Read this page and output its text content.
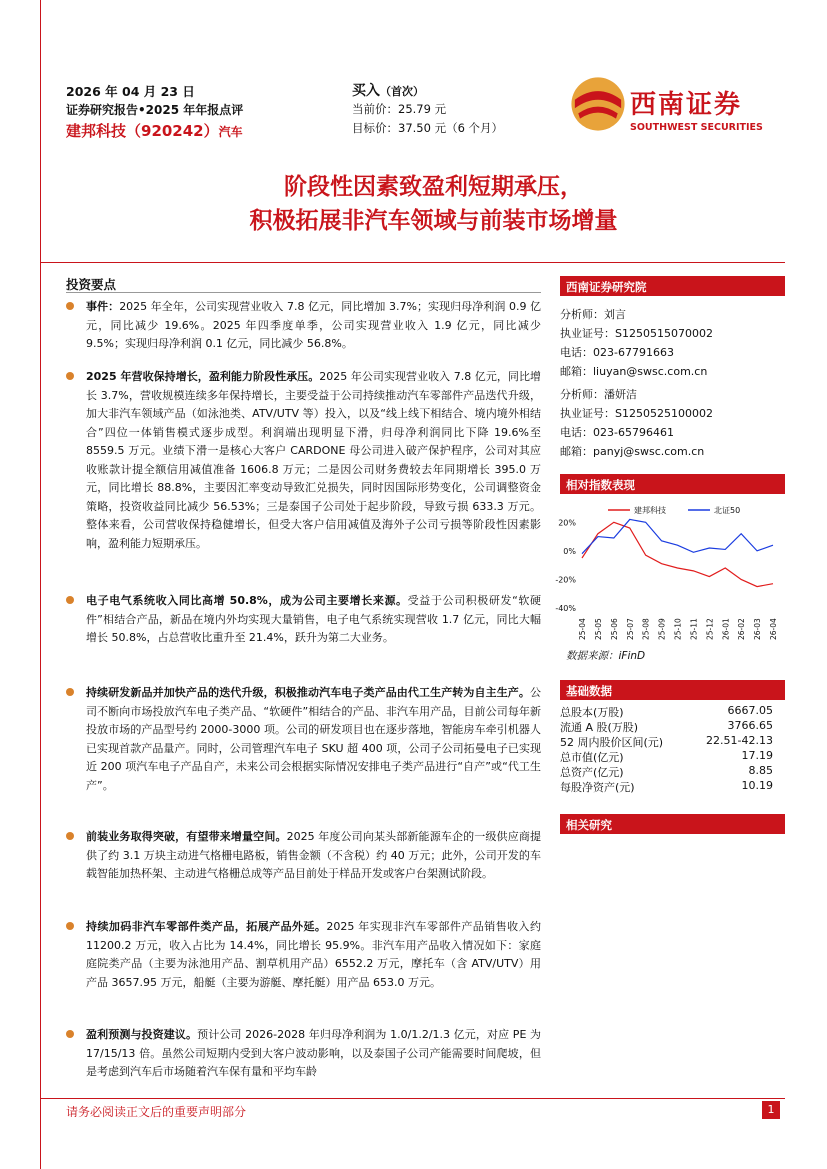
2026 年 04 月 23 日
证券研究报告•2025 年年报点评
建邦科技（920242）汽车
买入（首次）
当前价：25.79 元
目标价：37.50 元（6 个月）
西南证券
SOUTHWEST SECURITIES
阶段性因素致盈利短期承压，
积极拓展非汽车领域与前装市场增量
投资要点
事件：2025 年全年，公司实现营业收入 7.8 亿元，同比增加 3.7%；实现归母净利润 0.9 亿元，同比减少 19.6%。2025 年四季度单季，公司实现营业收入 1.9 亿元，同比减少 9.5%；实现归母净利润 0.1 亿元，同比减少 56.8%。
2025 年营收保持增长，盈利能力阶段性承压。2025 年公司实现营业收入 7.8 亿元，同比增长 3.7%，营收规模连续多年保持增长，主要受益于公司持续推动汽车零部件产品迭代升级，加大非汽车领域产品（如泳池类、ATV/UTV 等）投入，以及“线上线下相结合、境内境外相结合”四位一体销售模式逐步成型。利润端出现明显下滑，归母净利润同比下降 19.6%至 8559.5 万元。业绩下滑一是核心大客户 CARDONE 母公司进入破产保护程序，公司对其应收账款计提全额信用减值准备 1606.8 万元；二是因公司财务费较去年同期增长 395.0 万元，同比增长 88.8%，主要因汇率变动导致汇兑损失，同时因国际形势变化，公司调整资金策略，投资收益同比减少 56.53%；三是泰国子公司处于起步阶段，导致亏损 633.3 万元。整体来看，公司营收保持稳健增长，但受大客户信用减值及海外子公司亏损等阶段性因素影响，盈利能力短期承压。
电子电气系统收入同比高增 50.8%，成为公司主要增长来源。受益于公司积极研发“软硬件”相结合产品，新品在境内外均实现大量销售，电子电气系统实现营收 1.7 亿元，同比大幅增长 50.8%，占总营收比重升至 21.4%，跃升为第二大业务。
持续研发新品并加快产品的迭代升级，积极推动汽车电子类产品由代工生产转为自主生产。公司不断向市场投放汽车电子类产品、“软硬件”相结合的产品、非汽车用产品，目前公司每年新投放市场的产品型号约 2000-3000 项。公司的研发项目也在逐步落地，智能房车牵引机器人已实现首款产品量产。同时，公司管理汽车电子 SKU 超 400 项，公司子公司拓曼电子已实现近 200 项汽车电子产品自产，未来公司会根据实际情况安排电子类产品进行“自产”或“代工生产”。
前装业务取得突破，有望带来增量空间。2025 年度公司向某头部新能源车企的一级供应商提供了约 3.1 万块主动进气格栅电路板，销售金额（不含税）约 40 万元；此外，公司开发的车载智能加热杯架、主动进气格栅总成等产品目前处于样品开发或客户台架测试阶段。
持续加码非汽车零部件类产品，拓展产品外延。2025 年实现非汽车零部件产品销售收入约 11200.2 万元，收入占比为 14.4%，同比增长 95.9%。非汽车用产品收入情况如下：家庭庭院类产品（主要为泳池用产品、割草机用产品）6552.2 万元，摩托车（含 ATV/UTV）用产品 3657.95 万元，船艇（主要为游艇、摩托艇）用产品 653.0 万元。
盈利预测与投资建议。预计公司 2026-2028 年归母净利润为 1.0/1.2/1.3 亿元，对应 PE 为 17/15/13 倍。虽然公司短期内受到大客户波动影响，以及泰国子公司产能需要时间爬坡，但是考虑到汽车后市场随着汽车保有量和平均车龄
西南证券研究院
分析师：刘言
执业证号：S1250515070002
电话：023-67791663
邮箱：liuyan@swsc.com.cn
分析师：潘妍洁
执业证号：S1250525100002
电话：023-65796461
邮箱：panyj@swsc.com.cn
相对指数表现
20%
0%
-20%
-40%
25-04 25-05 25-06 25-07 25-08 25-09 25-10 25-11 25-12 26-01 26-02 26-03 26-04
建邦科技	北证50
数据来源：iFinD
基础数据
总股本(万股)	6667.05
流通 A 股(万股)	3766.65
52 周内股价区间(元)	22.51-42.13
总市值(亿元)	17.19
总资产(亿元)	8.85
每股净资产(元)	10.19
相关研究
请务必阅读正文后的重要声明部分	1
